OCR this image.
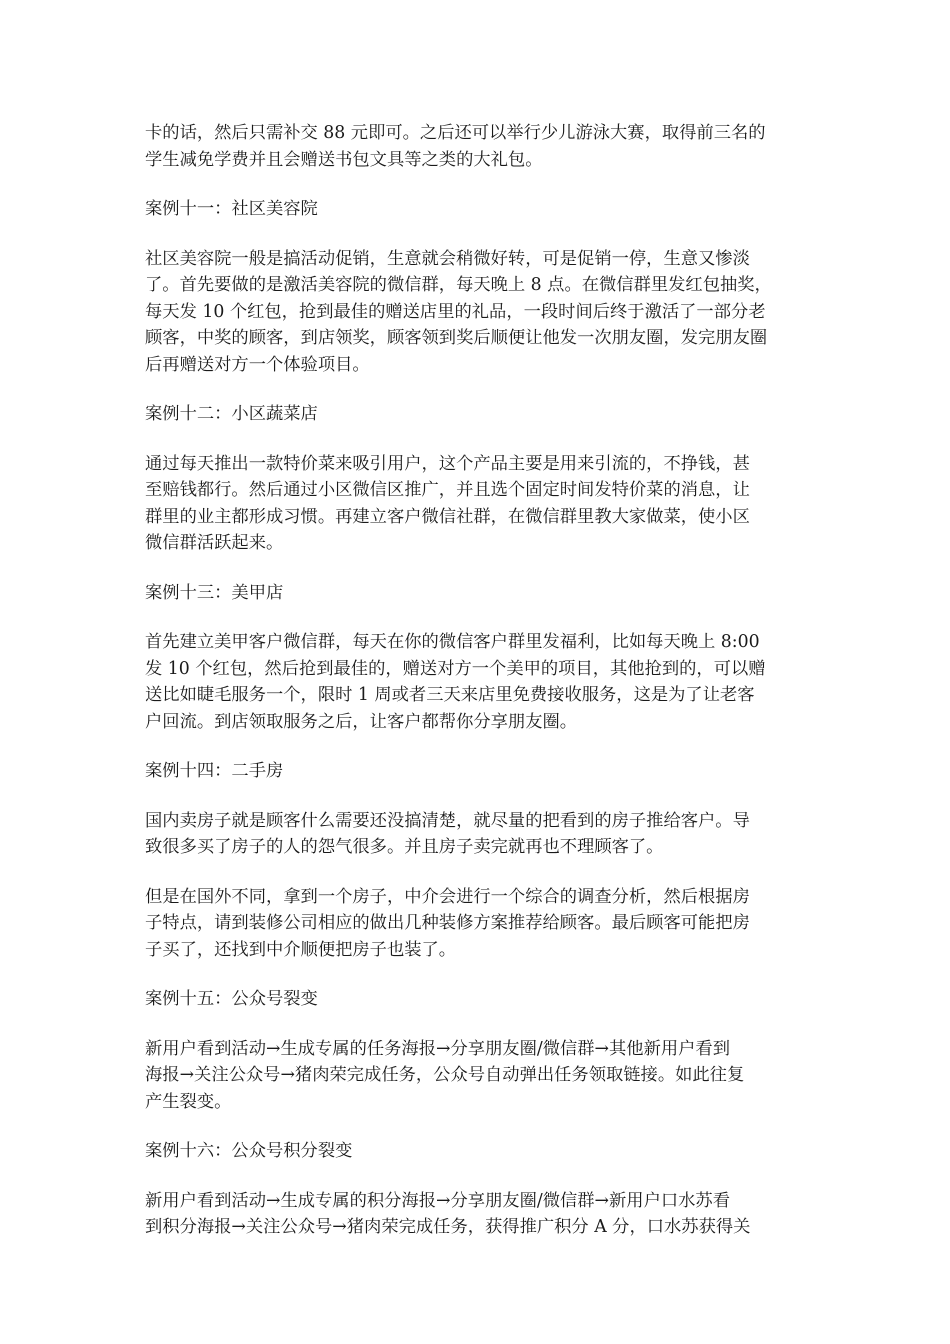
卡的话，然后只需补交 88 元即可。之后还可以举行少儿游泳大赛，取得前三名的
学生减免学费并且会赠送书包文具等之类的大礼包。
案例十一：社区美容院
社区美容院一般是搞活动促销，生意就会稍微好转，可是促销一停，生意又惨淡
了。首先要做的是激活美容院的微信群，每天晚上 8 点。在微信群里发红包抽奖，
每天发 10 个红包，抢到最佳的赠送店里的礼品，一段时间后终于激活了一部分老
顾客，中奖的顾客，到店领奖，顾客领到奖后顺便让他发一次朋友圈，发完朋友圈
后再赠送对方一个体验项目。
案例十二：小区蔬菜店
通过每天推出一款特价菜来吸引用户，这个产品主要是用来引流的，不挣钱，甚
至赔钱都行。然后通过小区微信区推广，并且选个固定时间发特价菜的消息，让
群里的业主都形成习惯。再建立客户微信社群，在微信群里教大家做菜，使小区
微信群活跃起来。
案例十三：美甲店
首先建立美甲客户微信群，每天在你的微信客户群里发福利，比如每天晚上 8:00
发 10 个红包，然后抢到最佳的，赠送对方一个美甲的项目，其他抢到的，可以赠
送比如睫毛服务一个，限时 1 周或者三天来店里免费接收服务，这是为了让老客
户回流。到店领取服务之后，让客户都帮你分享朋友圈。
案例十四：二手房
国内卖房子就是顾客什么需要还没搞清楚，就尽量的把看到的房子推给客户。导
致很多买了房子的人的怨气很多。并且房子卖完就再也不理顾客了。
但是在国外不同，拿到一个房子，中介会进行一个综合的调查分析，然后根据房
子特点，请到装修公司相应的做出几种装修方案推荐给顾客。最后顾客可能把房
子买了，还找到中介顺便把房子也装了。
案例十五：公众号裂变
新用户看到活动→生成专属的任务海报→分享朋友圈/微信群→其他新用户看到
海报→关注公众号→猪肉荣完成任务，公众号自动弹出任务领取链接。如此往复
产生裂变。
案例十六：公众号积分裂变
新用户看到活动→生成专属的积分海报→分享朋友圈/微信群→新用户口水苏看
到积分海报→关注公众号→猪肉荣完成任务，获得推广积分 A 分，口水苏获得关
